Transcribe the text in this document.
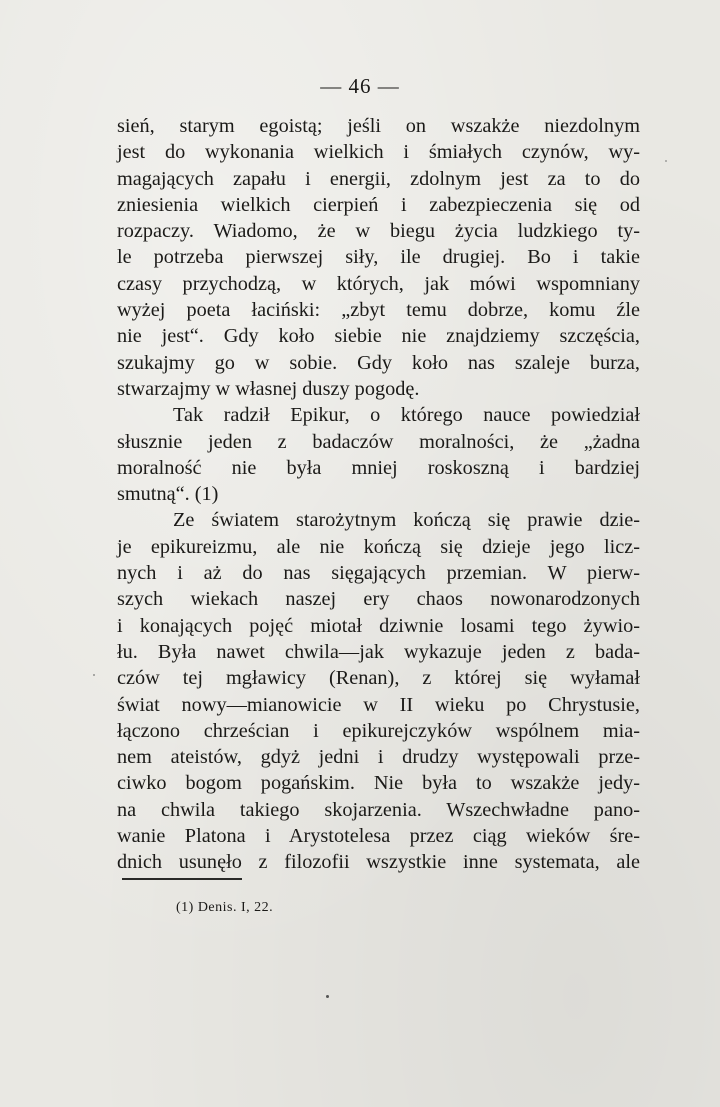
— 46 —
sień, starym egoistą; jeśli on wszakże niezdolnym
jest do wykonania wielkich i śmiałych czynów, wy-
magających zapału i energii, zdolnym jest za to do
zniesienia wielkich cierpień i zabezpieczenia się od
rozpaczy. Wiadomo, że w biegu życia ludzkiego ty-
le potrzeba pierwszej siły, ile drugiej. Bo i takie
czasy przychodzą, w których, jak mówi wspomniany
wyżej poeta łaciński: „zbyt temu dobrze, komu źle
nie jest“. Gdy koło siebie nie znajdziemy szczęścia,
szukajmy go w sobie. Gdy koło nas szaleje burza,
stwarzajmy w własnej duszy pogodę.
Tak radził Epikur, o którego nauce powiedział
słusznie jeden z badaczów moralności, że „żadna
moralność nie była mniej roskoszną i bardziej
smutną“. (1)
Ze światem starożytnym kończą się prawie dzie-
je epikureizmu, ale nie kończą się dzieje jego licz-
nych i aż do nas sięgających przemian. W pierw-
szych wiekach naszej ery chaos nowonarodzonych
i konających pojęć miotał dziwnie losami tego żywio-
łu. Była nawet chwila—jak wykazuje jeden z bada-
czów tej mgławicy (Renan), z której się wyłamał
świat nowy—mianowicie w II wieku po Chrystusie,
łączono chrześcian i epikurejczyków wspólnem mia-
nem ateistów, gdyż jedni i drudzy występowali prze-
ciwko bogom pogańskim. Nie była to wszakże jedy-
na chwila takiego skojarzenia. Wszechwładne pano-
wanie Platona i Arystotelesa przez ciąg wieków śre-
dnich usunęło z filozofii wszystkie inne systemata, ale
(1) Denis. I, 22.
